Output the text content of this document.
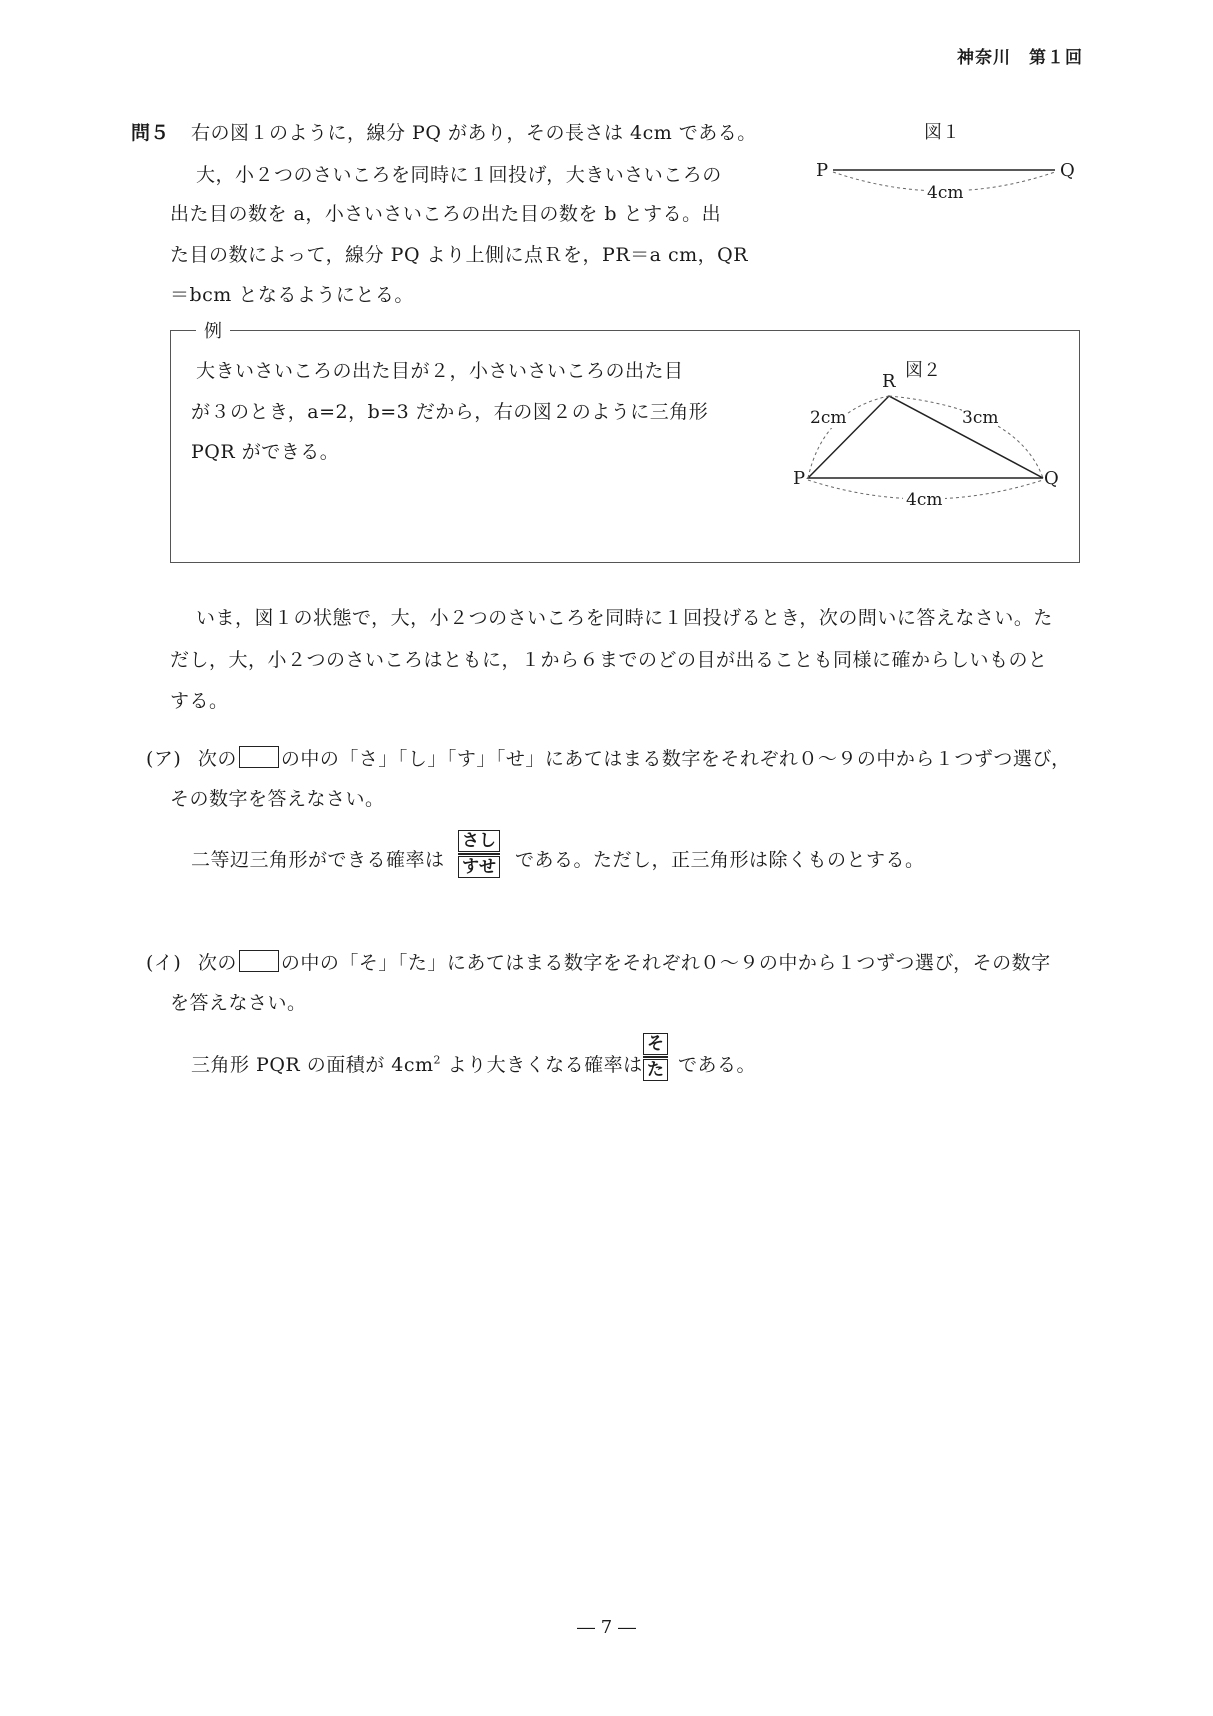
神奈川　第１回
問５ 右の図１のように，線分 PQ があり，その長さは 4cm である。
大，小２つのさいころを同時に１回投げ，大きいさいころの
出た目の数を a，小さいさいころの出た目の数を b とする。出
た目の数によって，線分 PQ より上側に点Ｒを，PR＝a cm，QR
＝bcm となるようにとる。
図１
P	Q
4cm
例
大きいさいころの出た目が２，小さいさいころの出た目
が３のとき，a=2，b=3 だから，右の図２のように三角形
PQR ができる。
図２
R
2cm	3cm
P	Q
4cm
いま，図１の状態で，大，小２つのさいころを同時に１回投げるとき，次の問いに答えなさい。た
だし，大，小２つのさいころはともに，１から６までのどの目が出ることも同様に確からしいものと
する。
(ア) 次の の中の「さ」「し」「す」「せ」にあてはまる数字をそれぞれ０～９の中から１つずつ選び，
その数字を答えなさい。
二等辺三角形ができる確率は
さし
すせ である。ただし，正三角形は除くものとする。
(イ) 次の の中の「そ」「た」にあてはまる数字をそれぞれ０～９の中から１つずつ選び，その数字
を答えなさい。
三角形 PQR の面積が $4cm^2$ より大きくなる確率は
そ
た である。
― 7 ―
